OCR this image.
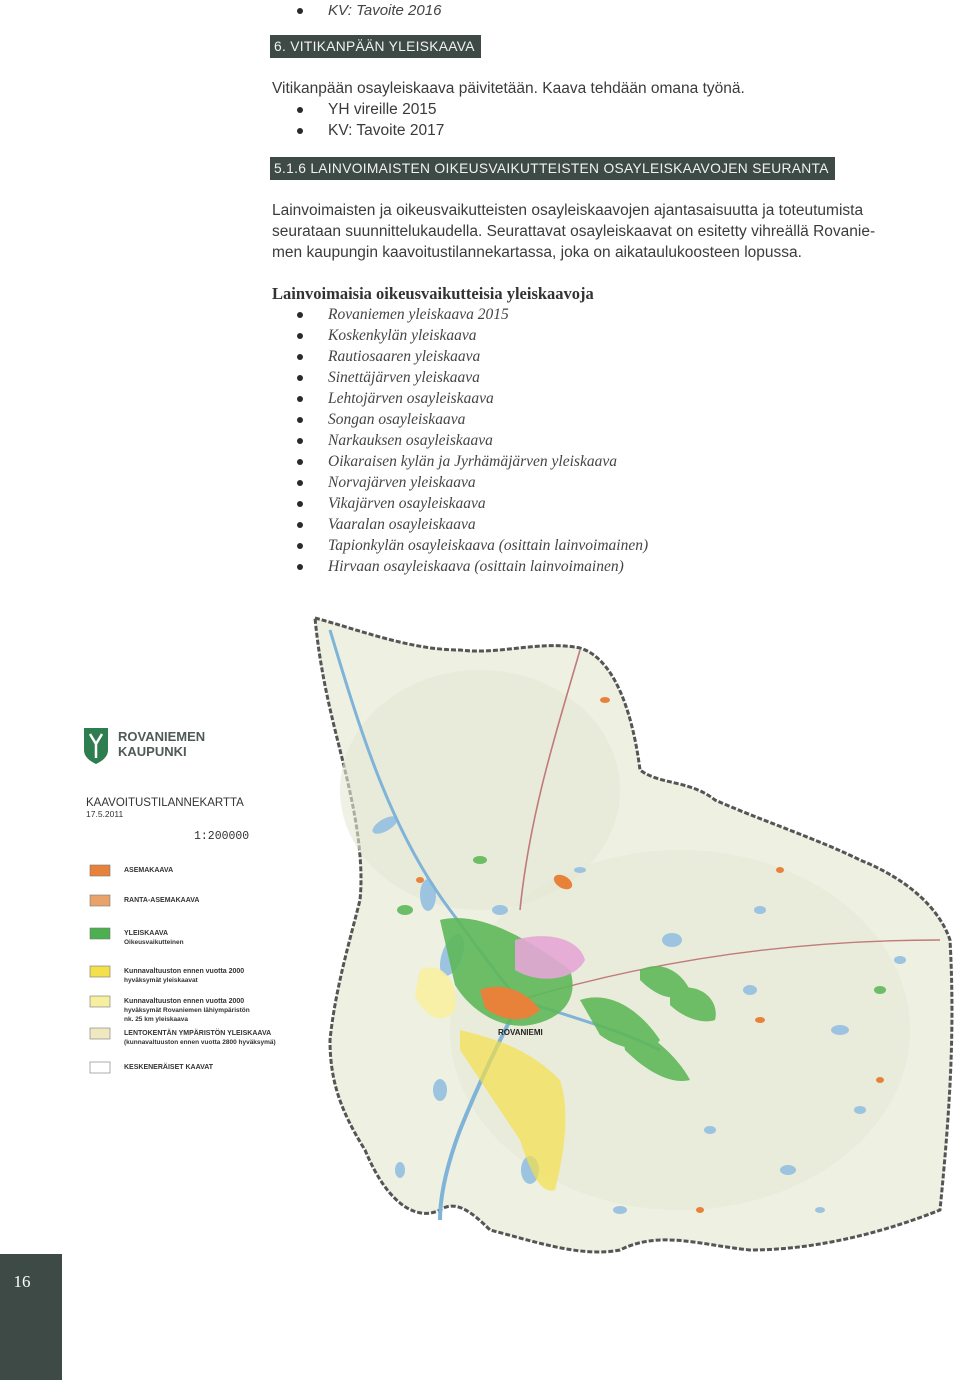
KV: Tavoite 2016
6. VITIKANPÄÄN YLEISKAAVA
Vitikanpään osayleiskaava päivitetään. Kaava tehdään omana työnä.
YH vireille 2015
KV: Tavoite 2017
5.1.6 LAINVOIMAISTEN OIKEUSVAIKUTTEISTEN OSAYLEISKAAVOJEN SEURANTA
Lainvoimaisten ja oikeusvaikutteisten osayleiskaavojen ajantasaisuutta ja toteutumista
seurataan suunnittelukaudella. Seurattavat osayleiskaavat on esitetty vihreällä Rovanie-
men kaupungin kaavoitustilannekartassa, joka on aikataulukoosteen lopussa.
Lainvoimaisia oikeusvaikutteisia yleiskaavoja
Rovaniemen yleiskaava 2015
Koskenkylän yleiskaava
Rautiosaaren yleiskaava
Sinettäjärven yleiskaava
Lehtojärven osayleiskaava
Songan osayleiskaava
Narkauksen osayleiskaava
Oikaraisen kylän ja Jyrhämäjärven yleiskaava
Norvajärven yleiskaava
Vikajärven osayleiskaava
Vaaralan osayleiskaava
Tapionkylän osayleiskaava (osittain lainvoimainen)
Hirvaan osayleiskaava (osittain lainvoimainen)
ROVANIEMI
ROVANIEMEN
KAUPUNKI
KAAVOITUSTILANNEKARTTA
17.5.2011
1:200000
ASEMAKAAVA
RANTA-ASEMAKAAVA
YLEISKAAVA
Oikeusvaikutteinen
Kunnavaltuuston ennen vuotta 2000
hyväksymät yleiskaavat
Kunnavaltuuston ennen vuotta 2000
hyväksymät Rovaniemen lähiympäristön
nk. 25 km yleiskaava
LENTOKENTÄN YMPÄRISTÖN YLEISKAAVA
(kunnavaltuuston ennen vuotta 2800 hyväksymä)
KESKENERÄISET KAAVAT
16
